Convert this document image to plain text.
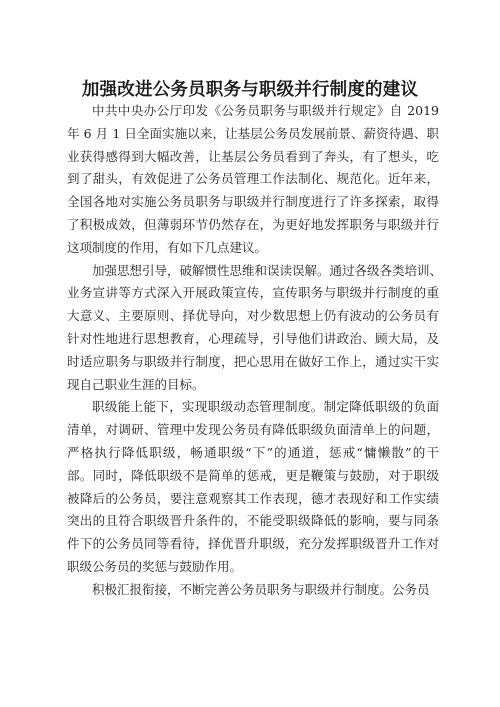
加强改进公务员职务与职级并行制度的建议

中共中央办公厅印发《公务员职务与职级并行规定》自 2019
年 6 月 1 日全面实施以来，让基层公务员发展前景、薪资待遇、职
业获得感得到大幅改善，让基层公务员看到了奔头，有了想头，吃
到了甜头，有效促进了公务员管理工作法制化、规范化。近年来，
全国各地对实施公务员职务与职级并行制度进行了许多探索，取得
了积极成效，但薄弱环节仍然存在，为更好地发挥职务与职级并行
这项制度的作用，有如下几点建议。

加强思想引导，破解惯性思维和误读误解。通过各级各类培训、
业务宣讲等方式深入开展政策宣传，宣传职务与职级并行制度的重
大意义、主要原则、择优导向，对少数思想上仍有波动的公务员有
针对性地进行思想教育，心理疏导，引导他们讲政治、顾大局，及
时适应职务与职级并行制度，把心思用在做好工作上，通过实干实
现自己职业生涯的目标。

职级能上能下，实现职级动态管理制度。制定降低职级的负面
清单，对调研、管理中发现公务员有降低职级负面清单上的问题，
严格执行降低职级，畅通职级“下”的通道，惩戒“慵懒散”的干
部。同时，降低职级不是简单的惩戒，更是鞭策与鼓励，对于职级
被降后的公务员，要注意观察其工作表现，德才表现好和工作实绩
突出的且符合职级晋升条件的，不能受职级降低的影响，要与同条
件下的公务员同等看待，择优晋升职级，充分发挥职级晋升工作对
职级公务员的奖惩与鼓励作用。

积极汇报衔接，不断完善公务员职务与职级并行制度。公务员
